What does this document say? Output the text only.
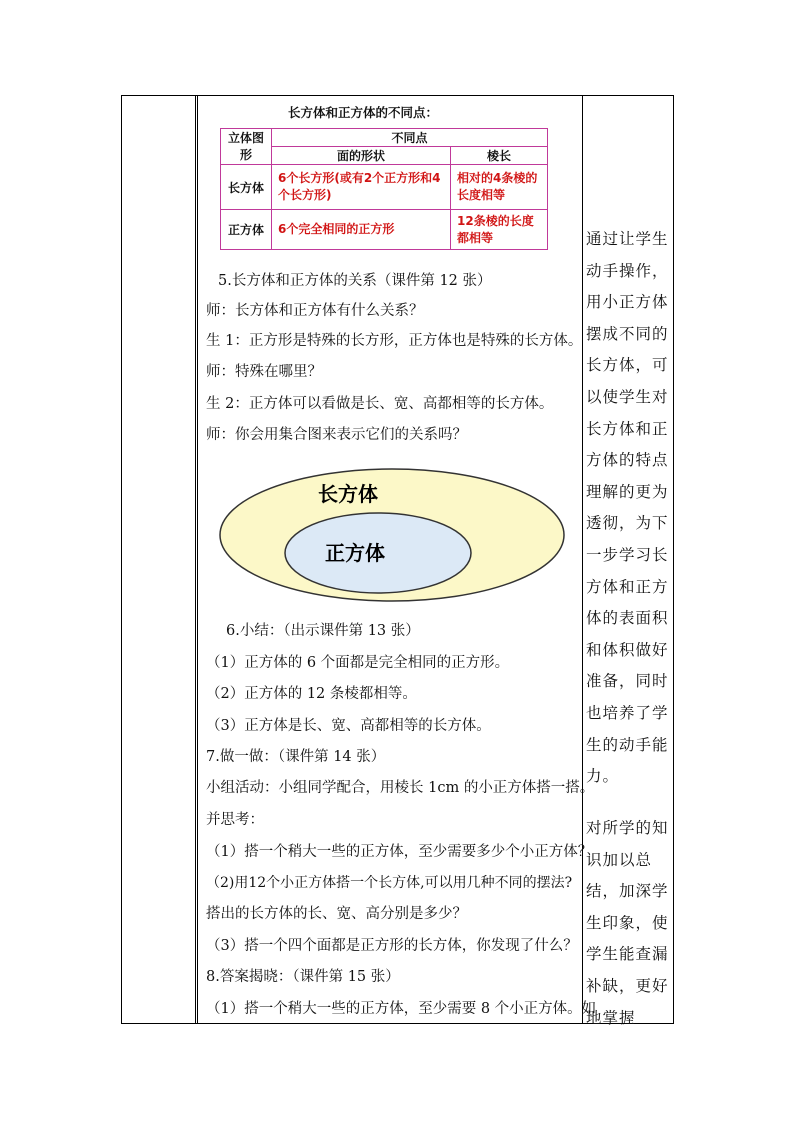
长方体和正方体的不同点：
立体图形	不同点	
	面的形状	棱长
长方体	6个长方形(或有2个正方形和4个长方形)	相对的4条棱的长度相等
正方体	6个完全相同的正方形	12条棱的长度都相等
5.长方体和正方体的关系（课件第 12 张）
师：长方体和正方体有什么关系？
生 1：正方形是特殊的长方形，正方体也是特殊的长方体。
师：特殊在哪里？
生 2：正方体可以看做是长、宽、高都相等的长方体。
师：你会用集合图来表示它们的关系吗？
长方体
正方体
6.小结：（出示课件第 13 张）
（1）正方体的 6 个面都是完全相同的正方形。
（2）正方体的 12 条棱都相等。
（3）正方体是长、宽、高都相等的长方体。
7.做一做：（课件第 14 张）
小组活动：小组同学配合，用棱长 1cm 的小正方体搭一搭。
并思考：
（1）搭一个稍大一些的正方体，至少需要多少个小正方体？
（2)用12个小正方体搭一个长方体,可以用几种不同的摆法?
搭出的长方体的长、宽、高分别是多少？
（3）搭一个四个面都是正方形的长方体，你发现了什么？
8.答案揭晓：（课件第 15 张）
（1）搭一个稍大一些的正方体，至少需要 8 个小正方体。如
通过让学生动手操作，用小正方体摆成不同的长方体，可以使学生对长方体和正方体的特点理解的更为透彻，为下一步学习长方体和正方体的表面积和体积做好准备，同时也培养了学生的动手能力。
对所学的知识加以总结，加深学生印象，使学生能查漏补缺，更好地掌握
